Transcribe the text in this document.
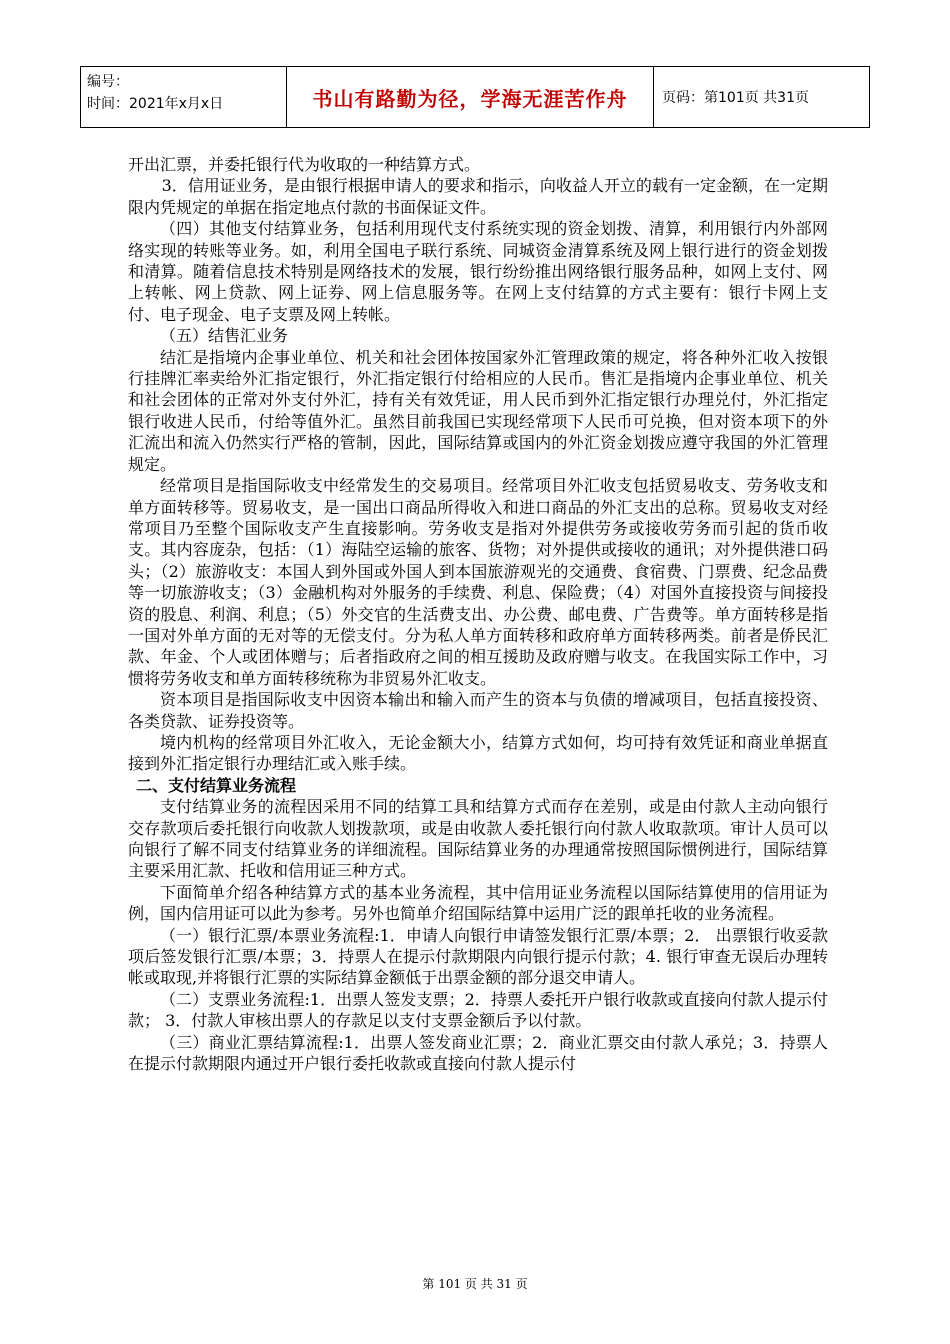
编号：
时间：2021年x月x日	书山有路勤为径，学海无涯苦作舟	页码：第101页 共31页

开出汇票，并委托银行代为收取的一种结算方式。

3．信用证业务，是由银行根据申请人的要求和指示，向收益人开立的载有一定金额，在一定期限内凭规定的单据在指定地点付款的书面保证文件。

（四）其他支付结算业务，包括利用现代支付系统实现的资金划拨、清算，利用银行内外部网络实现的转账等业务。如，利用全国电子联行系统、同城资金清算系统及网上银行进行的资金划拨和清算。随着信息技术特别是网络技术的发展，银行纷纷推出网络银行服务品种，如网上支付、网上转帐、网上贷款、网上证券、网上信息服务等。在网上支付结算的方式主要有：银行卡网上支付、电子现金、电子支票及网上转帐。

（五）结售汇业务

结汇是指境内企事业单位、机关和社会团体按国家外汇管理政策的规定，将各种外汇收入按银行挂牌汇率卖给外汇指定银行，外汇指定银行付给相应的人民币。售汇是指境内企事业单位、机关和社会团体的正常对外支付外汇，持有关有效凭证，用人民币到外汇指定银行办理兑付，外汇指定银行收进人民币，付给等值外汇。虽然目前我国已实现经常项下人民币可兑换，但对资本项下的外汇流出和流入仍然实行严格的管制，因此，国际结算或国内的外汇资金划拨应遵守我国的外汇管理规定。

经常项目是指国际收支中经常发生的交易项目。经常项目外汇收支包括贸易收支、劳务收支和单方面转移等。贸易收支，是一国出口商品所得收入和进口商品的外汇支出的总称。贸易收支对经常项目乃至整个国际收支产生直接影响。劳务收支是指对外提供劳务或接收劳务而引起的货币收支。其内容庞杂，包括：（1）海陆空运输的旅客、货物；对外提供或接收的通讯；对外提供港口码头；（2）旅游收支：本国人到外国或外国人到本国旅游观光的交通费、食宿费、门票费、纪念品费等一切旅游收支；（3）金融机构对外服务的手续费、利息、保险费；（4）对国外直接投资与间接投资的股息、利润、利息；（5）外交官的生活费支出、办公费、邮电费、广告费等。单方面转移是指一国对外单方面的无对等的无偿支付。分为私人单方面转移和政府单方面转移两类。前者是侨民汇款、年金、个人或团体赠与；后者指政府之间的相互援助及政府赠与收支。在我国实际工作中，习惯将劳务收支和单方面转移统称为非贸易外汇收支。

资本项目是指国际收支中因资本输出和输入而产生的资本与负债的增减项目，包括直接投资、各类贷款、证券投资等。

境内机构的经常项目外汇收入，无论金额大小，结算方式如何，均可持有效凭证和商业单据直接到外汇指定银行办理结汇或入账手续。

二、支付结算业务流程

支付结算业务的流程因采用不同的结算工具和结算方式而存在差别，或是由付款人主动向银行交存款项后委托银行向收款人划拨款项，或是由收款人委托银行向付款人收取款项。审计人员可以向银行了解不同支付结算业务的详细流程。国际结算业务的办理通常按照国际惯例进行，国际结算主要采用汇款、托收和信用证三种方式。

下面简单介绍各种结算方式的基本业务流程，其中信用证业务流程以国际结算使用的信用证为例，国内信用证可以此为参考。另外也简单介绍国际结算中运用广泛的跟单托收的业务流程。

（一）银行汇票/本票业务流程:1．申请人向银行申请签发银行汇票/本票；2． 出票银行收妥款项后签发银行汇票/本票；3．持票人在提示付款期限内向银行提示付款；4. 银行审查无误后办理转帐或取现,并将银行汇票的实际结算金额低于出票金额的部分退交申请人。

（二）支票业务流程:1．出票人签发支票；2．持票人委托开户银行收款或直接向付款人提示付款； 3．付款人审核出票人的存款足以支付支票金额后予以付款。

（三）商业汇票结算流程:1．出票人签发商业汇票；2．商业汇票交由付款人承兑；3．持票人在提示付款期限内通过开户银行委托收款或直接向付款人提示付

第 101 页 共 31 页
